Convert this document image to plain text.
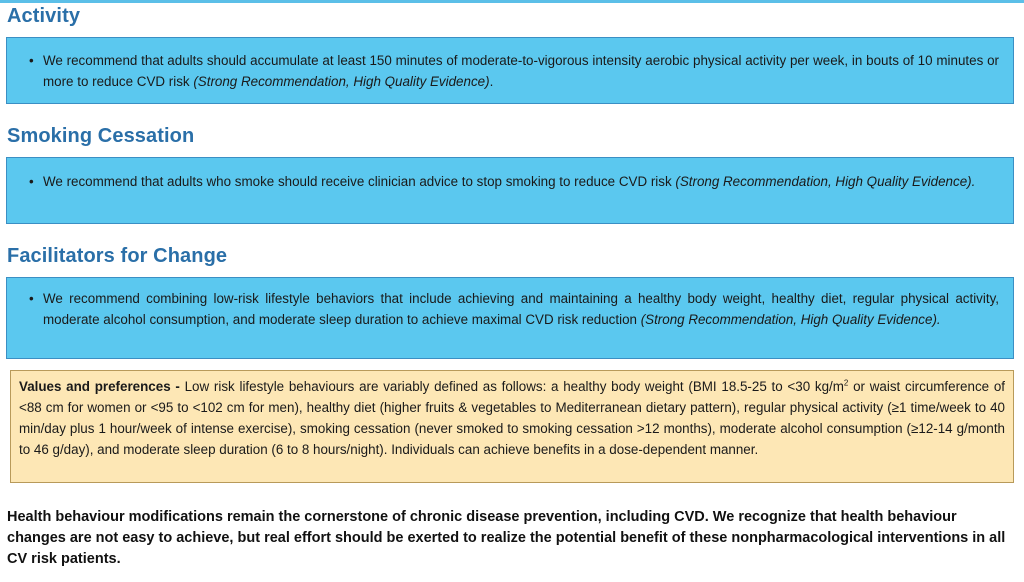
Activity
• We recommend that adults should accumulate at least 150 minutes of moderate-to-vigorous intensity aerobic physical activity per week, in bouts of 10 minutes or more to reduce CVD risk (Strong Recommendation, High Quality Evidence).
Smoking Cessation
• We recommend that adults who smoke should receive clinician advice to stop smoking to reduce CVD risk (Strong Recommendation, High Quality Evidence).
Facilitators for Change
• We recommend combining low-risk lifestyle behaviors that include achieving and maintaining a healthy body weight, healthy diet, regular physical activity, moderate alcohol consumption, and moderate sleep duration to achieve maximal CVD risk reduction (Strong Recommendation, High Quality Evidence).
Values and preferences - Low risk lifestyle behaviours are variably defined as follows: a healthy body weight (BMI 18.5-25 to <30 $kg/m^2$ or waist circumference of <88 cm for women or <95 to <102 cm for men), healthy diet (higher fruits & vegetables to Mediterranean dietary pattern), regular physical activity (≥1 time/week to 40 min/day plus 1 hour/week of intense exercise), smoking cessation (never smoked to smoking cessation >12 months), moderate alcohol consumption (≥12-14 g/month to 46 g/day), and moderate sleep duration (6 to 8 hours/night). Individuals can achieve benefits in a dose-dependent manner.

Health behaviour modifications remain the cornerstone of chronic disease prevention, including CVD. We recognize that health behaviour changes are not easy to achieve, but real effort should be exerted to realize the potential benefit of these nonpharmacological interventions in all CV risk patients.
